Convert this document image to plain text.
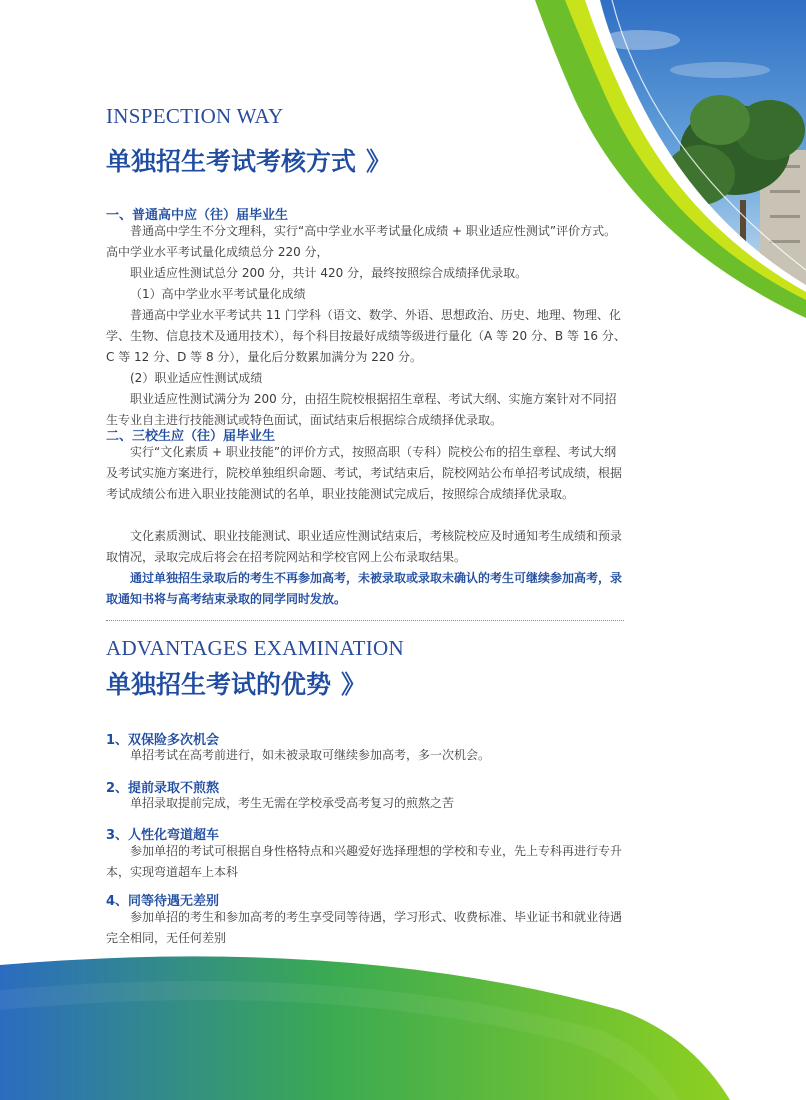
INSPECTION WAY
单独招生考试考核方式 》
一、普通高中应（往）届毕业生

普通高中学生不分文理科，实行“高中学业水平考试量化成绩 + 职业适应性测试”评价方式。高中学业水平考试量化成绩总分 220 分，

职业适应性测试总分 200 分，共计 420 分，最终按照综合成绩择优录取。
（1）高中学业水平考试量化成绩

普通高中学业水平考试共 11 门学科（语文、数学、外语、思想政治、历史、地理、物理、化学、生物、信息技术及通用技术），每个科目按最好成绩等级进行量化（A 等 20 分、B 等 16 分、C 等 12 分、D 等 8 分），量化后分数累加满分为 220 分。

(2）职业适应性测试成绩

职业适应性测试满分为 200 分，由招生院校根据招生章程、考试大纲、实施方案针对不同招生专业自主进行技能测试或特色面试，面试结束后根据综合成绩择优录取。

二、三校生应（往）届毕业生

实行“文化素质 + 职业技能”的评价方式，按照高职（专科）院校公布的招生章程、考试大纲及考试实施方案进行，院校单独组织命题、考试，考试结束后，院校网站公布单招考试成绩，根据考试成绩公布进入职业技能测试的名单，职业技能测试完成后，按照综合成绩择优录取。

文化素质测试、职业技能测试、职业适应性测试结束后，考核院校应及时通知考生成绩和预录取情况，录取完成后将会在招考院网站和学校官网上公布录取结果。

通过单独招生录取后的考生不再参加高考，未被录取或录取未确认的考生可继续参加高考，录取通知书将与高考结束录取的同学同时发放。

ADVANTAGES EXAMINATION
单独招生考试的优势 》
1、双保险多次机会
单招考试在高考前进行，如未被录取可继续参加高考，多一次机会。
2、提前录取不煎熬
单招录取提前完成，考生无需在学校承受高考复习的煎熬之苦
3、人性化弯道超车

参加单招的考试可根据自身性格特点和兴趣爱好选择理想的学校和专业，先上专科再进行专升本，实现弯道超车上本科

4、同等待遇无差别

参加单招的考生和参加高考的考生享受同等待遇，学习形式、收费标准、毕业证书和就业待遇完全相同，无任何差别
